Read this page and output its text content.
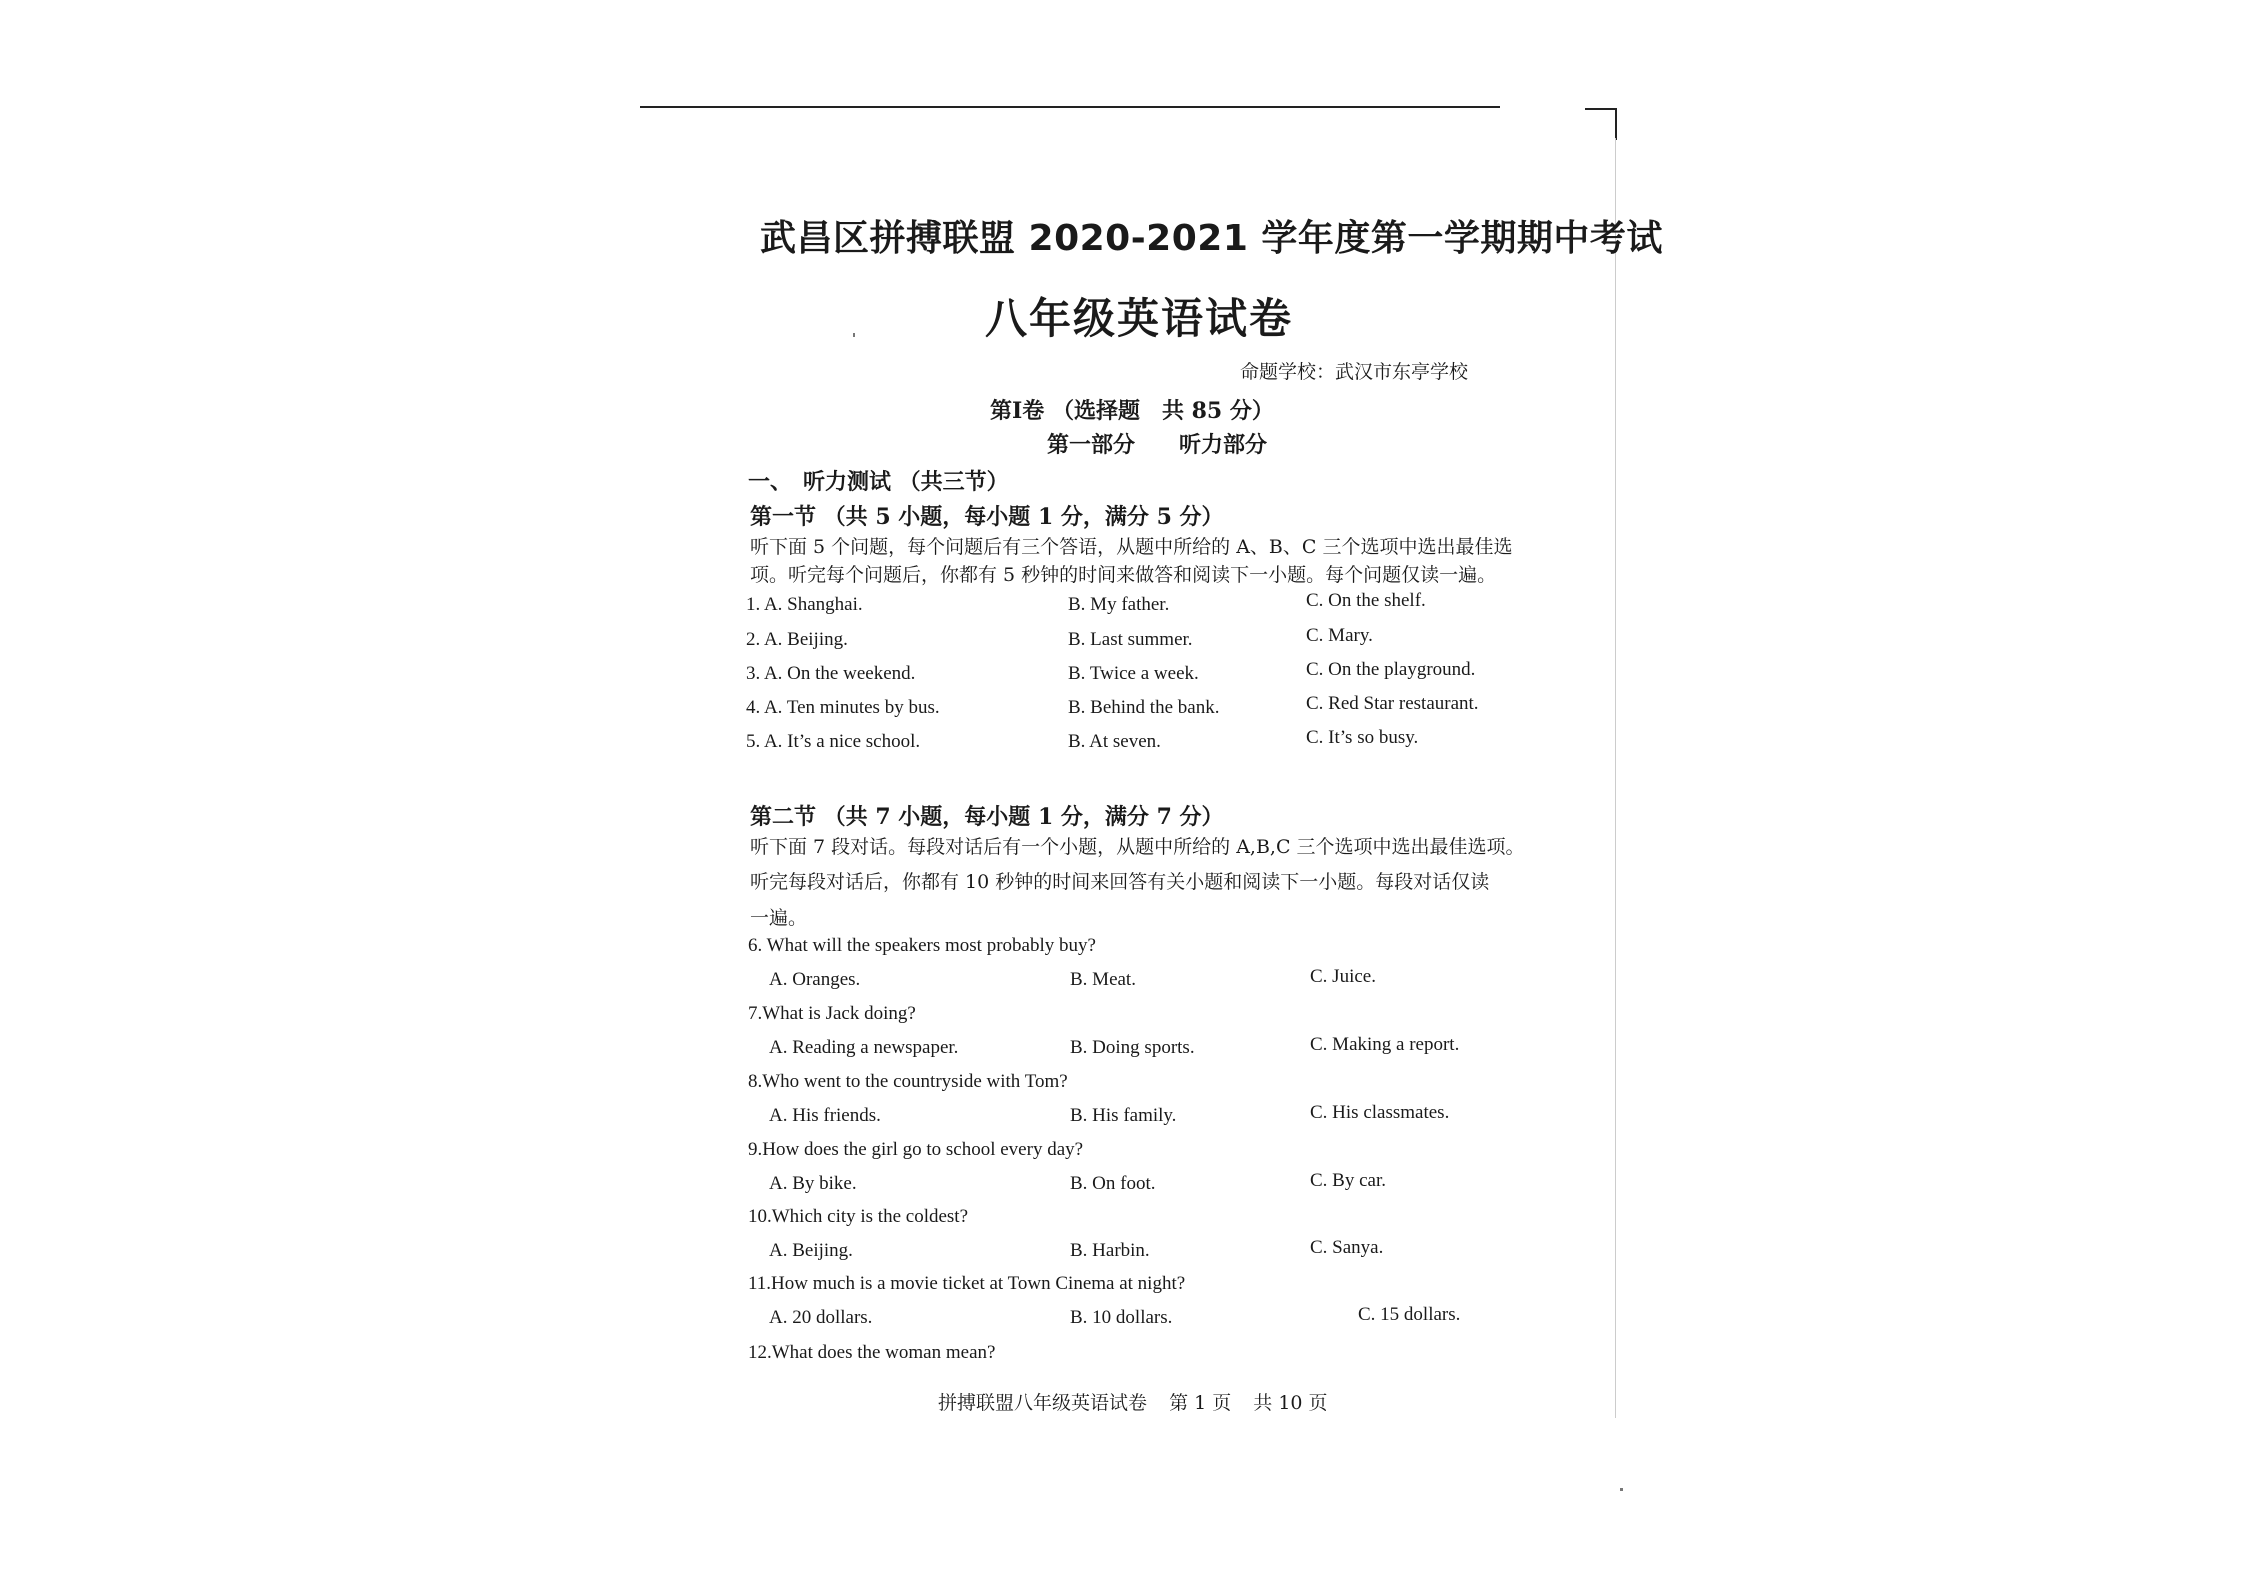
武昌区拼搏联盟 2020-2021 学年度第一学期期中考试
八年级英语试卷
命题学校：武汉市东亭学校
第Ⅰ卷 （选择题　共 85 分）
第一部分　　听力部分
一、　听力测试 （共三节）
第一节 （共 5 小题，每小题 1 分，满分 5 分）
听下面 5 个问题，每个问题后有三个答语，从题中所给的 A、B、C 三个选项中选出最佳选
项。听完每个问题后，你都有 5 秒钟的时间来做答和阅读下一小题。每个问题仅读一遍。
1. A. Shanghai.	B. My father.	C. On the shelf.
2. A. Beijing.	B. Last summer.	C. Mary.
3. A. On the weekend.	B. Twice a week.	C. On the playground.
4. A. Ten minutes by bus.	B. Behind the bank.	C. Red Star restaurant.
5. A. It’s a nice school.	B. At seven.	C. It’s so busy.
第二节 （共 7 小题，每小题 1 分，满分 7 分）
听下面 7 段对话。每段对话后有一个小题，从题中所给的 A,B,C 三个选项中选出最佳选项。
听完每段对话后，你都有 10 秒钟的时间来回答有关小题和阅读下一小题。每段对话仅读
一遍。
6. What will the speakers most probably buy?
A. Oranges.	B. Meat.	C. Juice.
7.What is Jack doing?
A. Reading a newspaper.	B. Doing sports.	C. Making a report.
8.Who went to the countryside with Tom?
A. His friends.	B. His family.	C. His classmates.
9.How does the girl go to school every day?
A. By bike.	B. On foot.	C. By car.
10.Which city is the coldest?
A. Beijing.	B. Harbin.	C. Sanya.
11.How much is a movie ticket at Town Cinema at night?
A. 20 dollars.	B. 10 dollars.	C. 15 dollars.
12.What does the woman mean?
拼搏联盟八年级英语试卷 第 1 页 共 10 页
